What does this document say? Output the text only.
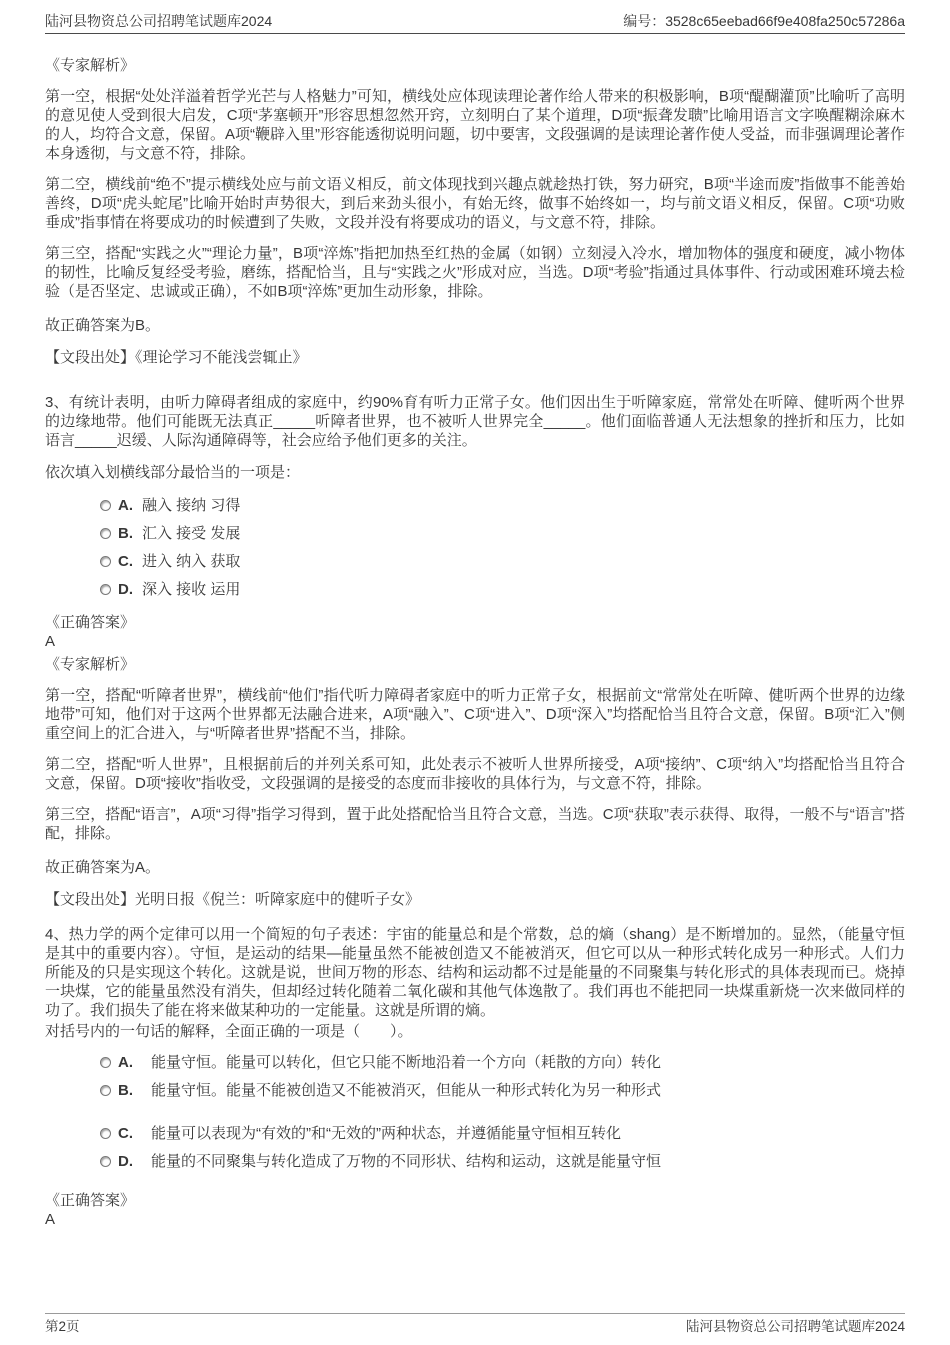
陆河县物资总公司招聘笔试题库2024	编号：3528c65eebad66f9e408fa250c57286a
《专家解析》

第一空，根据“处处洋溢着哲学光芒与人格魅力”可知，横线处应体现读理论著作给人带来的积极影响，B项“醍醐灌顶”比喻听了高明的意见使人受到很大启发，C项“茅塞顿开”形容思想忽然开窍，立刻明白了某个道理，D项“振聋发聩”比喻用语言文字唤醒糊涂麻木的人，均符合文意，保留。A项“鞭辟入里”形容能透彻说明问题，切中要害，文段强调的是读理论著作使人受益，而非强调理论著作本身透彻，与文意不符，排除。

第二空，横线前“绝不”提示横线处应与前文语义相反，前文体现找到兴趣点就趁热打铁，努力研究，B项“半途而废”指做事不能善始善终，D项“虎头蛇尾”比喻开始时声势很大，到后来劲头很小，有始无终，做事不始终如一，均与前文语义相反，保留。C项“功败垂成”指事情在将要成功的时候遭到了失败，文段并没有将要成功的语义，与文意不符，排除。

第三空，搭配“实践之火”“理论力量”，B项“淬炼”指把加热至红热的金属（如钢）立刻浸入冷水，增加物体的强度和硬度，减小物体的韧性，比喻反复经受考验，磨练，搭配恰当，且与“实践之火”形成对应，当选。D项“考验”指通过具体事件、行动或困难环境去检验（是否坚定、忠诚或正确），不如B项“淬炼”更加生动形象，排除。

故正确答案为B。

【文段出处】《理论学习不能浅尝辄止》

3、有统计表明，由听力障碍者组成的家庭中，约90%育有听力正常子女。他们因出生于听障家庭，常常处在听障、健听两个世界的边缘地带。他们可能既无法真正_____听障者世界，也不被听人世界完全_____。他们面临普通人无法想象的挫折和压力，比如语言_____迟缓、人际沟通障碍等，社会应给予他们更多的关注。

依次填入划横线部分最恰当的一项是：

A. 融入 接纳 习得
B. 汇入 接受 发展
C. 进入 纳入 获取
D. 深入 接收 运用
《正确答案》
A
《专家解析》

第一空，搭配“听障者世界”，横线前“他们”指代听力障碍者家庭中的听力正常子女，根据前文“常常处在听障、健听两个世界的边缘地带”可知，他们对于这两个世界都无法融合进来，A项“融入”、C项“进入”、D项“深入”均搭配恰当且符合文意，保留。B项“汇入”侧重空间上的汇合进入，与“听障者世界”搭配不当，排除。

第二空，搭配“听人世界”，且根据前后的并列关系可知，此处表示不被听人世界所接受，A项“接纳”、C项“纳入”均搭配恰当且符合文意，保留。D项“接收”指收受，文段强调的是接受的态度而非接收的具体行为，与文意不符，排除。

第三空，搭配“语言”，A项“习得”指学习得到，置于此处搭配恰当且符合文意，当选。C项“获取”表示获得、取得，一般不与“语言”搭配，排除。

故正确答案为A。

【文段出处】光明日报《倪兰：听障家庭中的健听子女》

4、热力学的两个定律可以用一个简短的句子表述：宇宙的能量总和是个常数，总的熵（shang）是不断增加的。显然，（能量守恒是其中的重要内容）。守恒，是运动的结果—能量虽然不能被创造又不能被消灭，但它可以从一种形式转化成另一种形式。人们力所能及的只是实现这个转化。这就是说，世间万物的形态、结构和运动都不过是能量的不同聚集与转化形式的具体表现而已。烧掉一块煤，它的能量虽然没有消失，但却经过转化随着二氧化碳和其他气体逸散了。我们再也不能把同一块煤重新烧一次来做同样的功了。我们损失了能在将来做某种功的一定能量。这就是所谓的熵。

对括号内的一句话的解释，全面正确的一项是（　　）。

A. 能量守恒。能量可以转化，但它只能不断地沿着一个方向（耗散的方向）转化
B. 能量守恒。能量不能被创造又不能被消灭，但能从一种形式转化为另一种形式
C. 能量可以表现为“有效的”和“无效的”两种状态，并遵循能量守恒相互转化
D. 能量的不同聚集与转化造成了万物的不同形状、结构和运动，这就是能量守恒
《正确答案》
A
第2页	陆河县物资总公司招聘笔试题库2024
